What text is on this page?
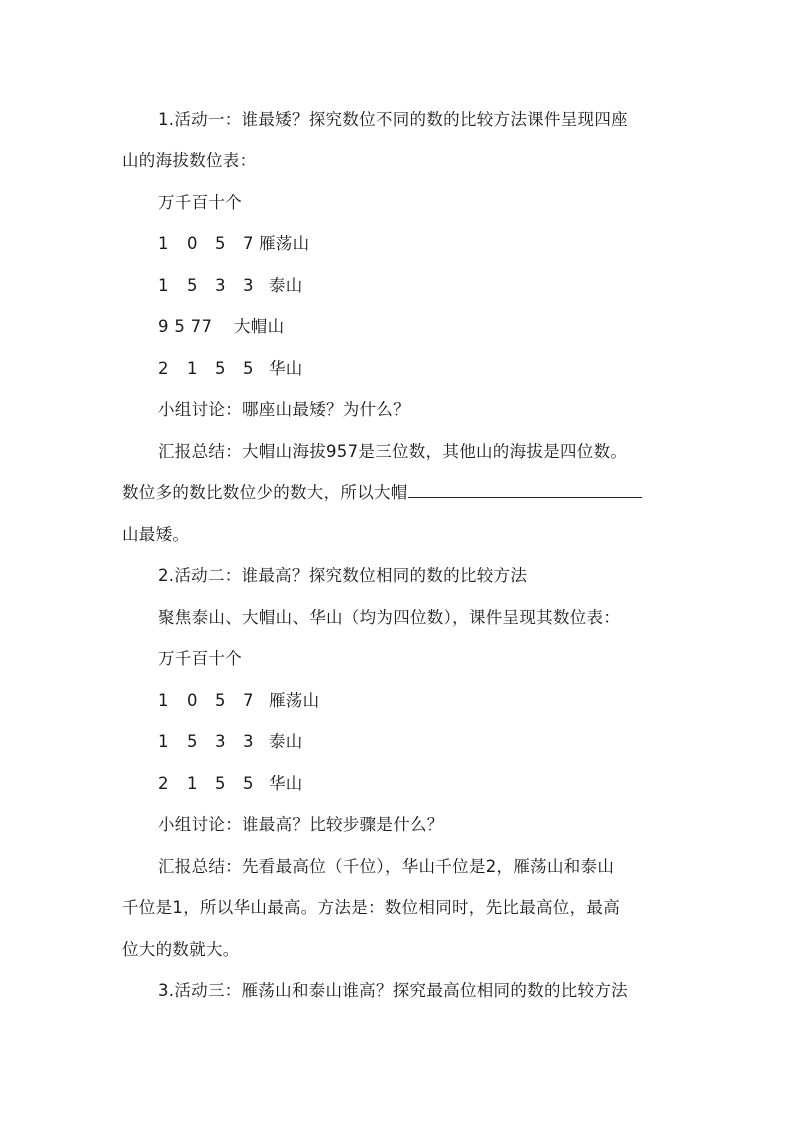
1.活动一：谁最矮？探究数位不同的数的比较方法课件呈现四座
山的海拔数位表：
万千百十个
1 0 5 7 雁荡山
1 5 3 3 泰山
9 5 77 大帽山
2 1 5 5 华山
小组讨论：哪座山最矮？为什么？
汇报总结：大帽山海拔957是三位数，其他山的海拔是四位数。
数位多的数比数位少的数大，所以大帽
山最矮。
2.活动二：谁最高？探究数位相同的数的比较方法
聚焦泰山、大帽山、华山（均为四位数），课件呈现其数位表：
万千百十个
1 0 5 7 雁荡山
1 5 3 3 泰山
2 1 5 5 华山
小组讨论：谁最高？比较步骤是什么？
汇报总结：先看最高位（千位），华山千位是2，雁荡山和泰山
千位是1，所以华山最高。方法是：数位相同时，先比最高位，最高
位大的数就大。
3.活动三：雁荡山和泰山谁高？探究最高位相同的数的比较方法
